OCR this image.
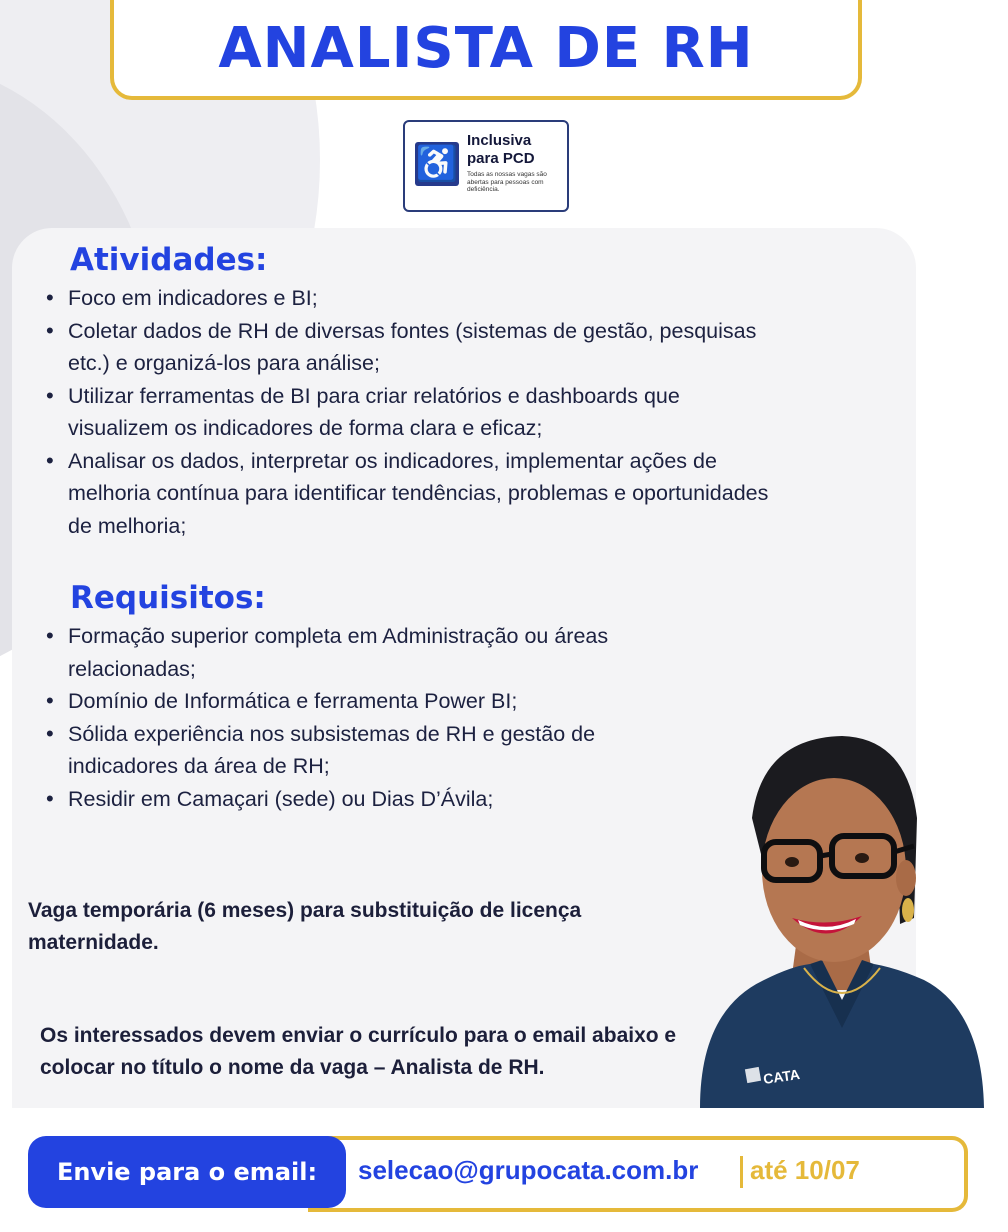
ANALISTA DE RH
♿
Inclusiva
para PCD
Todas as nossas vagas são abertas para pessoas com deficiência.
Atividades:
• Foco em indicadores e BI;
• Coletar dados de RH de diversas fontes (sistemas de gestão, pesquisas etc.) e organizá-los para análise;
• Utilizar ferramentas de BI para criar relatórios e dashboards que visualizem os indicadores de forma clara e eficaz;
• Analisar os dados, interpretar os indicadores, implementar ações de melhoria contínua para identificar tendências, problemas e oportunidades de melhoria;
Requisitos:
• Formação superior completa em Administração ou áreas relacionadas;
• Domínio de Informática e ferramenta Power BI;
• Sólida experiência nos subsistemas de RH e gestão de indicadores da área de RH;
• Residir em Camaçari (sede) ou Dias D’Ávila;

Vaga temporária (6 meses) para substituição de licença maternidade.

Os interessados devem enviar o currículo para o email abaixo e colocar no título o nome da vaga – Analista de RH.	CATA
Envie para o email:	selecao@grupocata.com.br até 10/07
